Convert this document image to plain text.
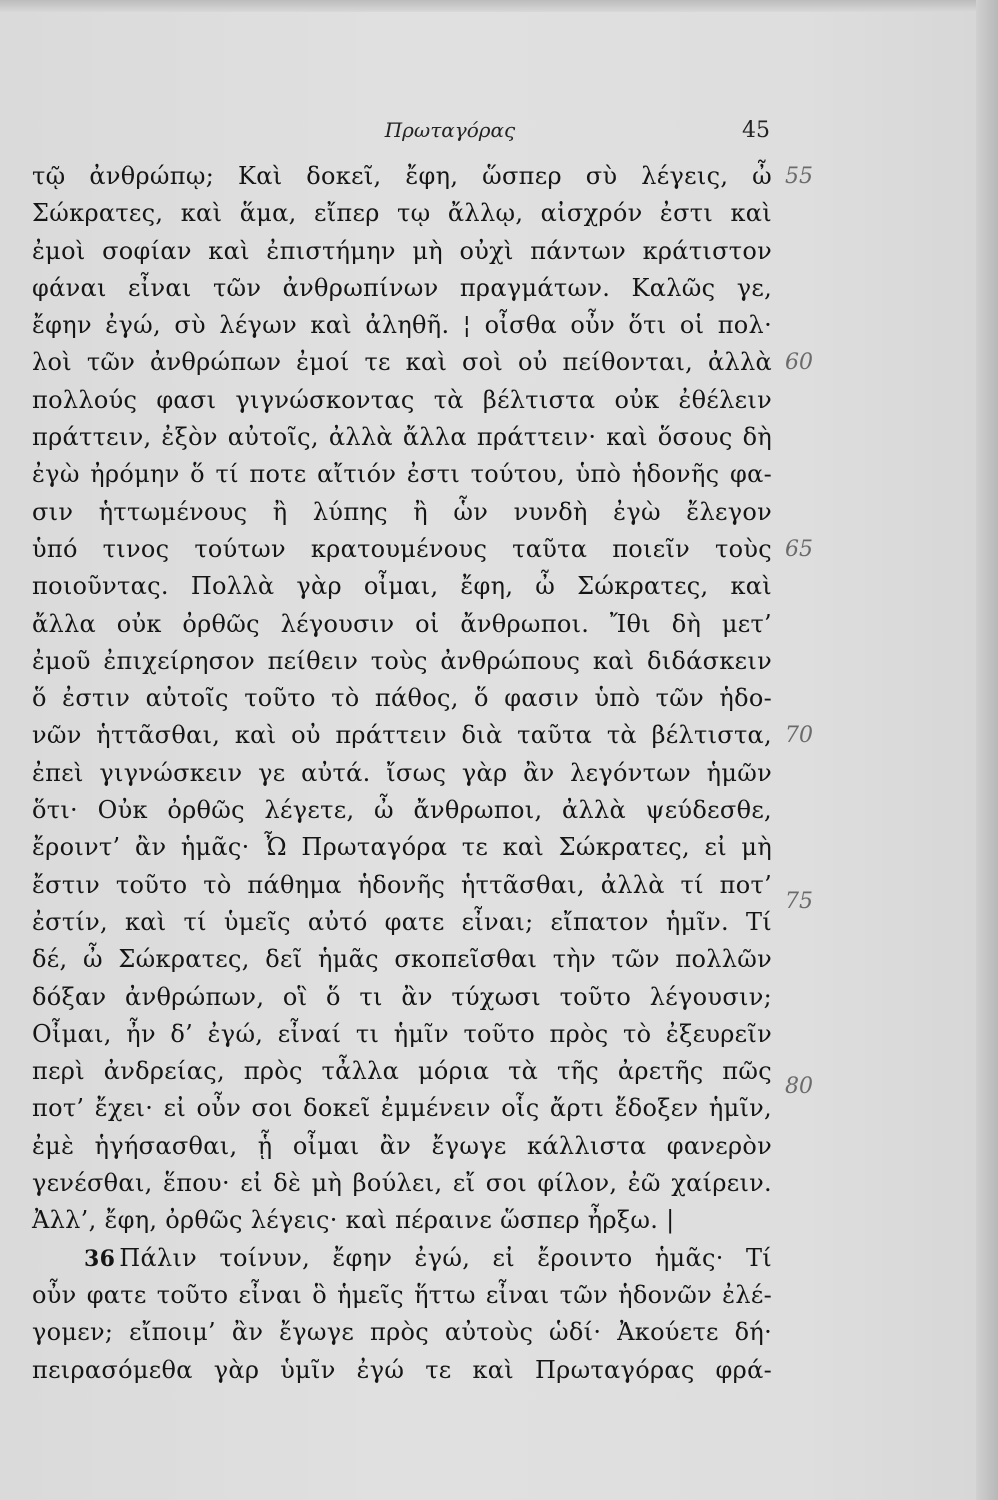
Πρωταγόρας	45
τῷ ἀνθρώπῳ; Καὶ δοκεῖ, ἔφη, ὥσπερ σὺ λέγεις, ὦ
Σώκρατες, καὶ ἅμα, εἴπερ τῳ ἄλλῳ, αἰσχρόν ἐστι καὶ
ἐμοὶ σοφίαν καὶ ἐπιστήμην μὴ οὐχὶ πάντων κράτιστον
φάναι εἶναι τῶν ἀνθρωπίνων πραγμάτων. Καλῶς γε,
ἔφην ἐγώ, σὺ λέγων καὶ ἀληθῆ. ¦ οἶσθα οὖν ὅτι οἱ πολ·
λοὶ τῶν ἀνθρώπων ἐμοί τε καὶ σοὶ οὐ πείθονται, ἀλλὰ
πολλούς φασι γιγνώσκοντας τὰ βέλτιστα οὐκ ἐθέλειν
πράττειν, ἐξὸν αὐτοῖς, ἀλλὰ ἄλλα πράττειν· καὶ ὅσους δὴ
ἐγὼ ἠρόμην ὅ τί ποτε αἴτιόν ἐστι τούτου, ὑπὸ ἡδονῆς φα-
σιν ἡττωμένους ἢ λύπης ἢ ὧν νυνδὴ ἐγὼ ἔλεγον
ὑπό τινος τούτων κρατουμένους ταῦτα ποιεῖν τοὺς
ποιοῦντας. Πολλὰ γὰρ οἶμαι, ἔφη, ὦ Σώκρατες, καὶ
ἄλλα οὐκ ὀρθῶς λέγουσιν οἱ ἄνθρωποι. Ἴθι δὴ μετ’
ἐμοῦ ἐπιχείρησον πείθειν τοὺς ἀνθρώπους καὶ διδάσκειν
ὅ ἐστιν αὐτοῖς τοῦτο τὸ πάθος, ὅ φασιν ὑπὸ τῶν ἡδο-
νῶν ἡττᾶσθαι, καὶ οὐ πράττειν διὰ ταῦτα τὰ βέλτιστα,
ἐπεὶ γιγνώσκειν γε αὐτά. ἴσως γὰρ ἂν λεγόντων ἡμῶν
ὅτι· Οὐκ ὀρθῶς λέγετε, ὦ ἄνθρωποι, ἀλλὰ ψεύδεσθε,
ἔροιντ’ ἂν ἡμᾶς· Ὦ Πρωταγόρα τε καὶ Σώκρατες, εἰ μὴ
ἔστιν τοῦτο τὸ πάθημα ἡδονῆς ἡττᾶσθαι, ἀλλὰ τί ποτ’
ἐστίν, καὶ τί ὑμεῖς αὐτό φατε εἶναι; εἴπατον ἡμῖν. Τί
δέ, ὦ Σώκρατες, δεῖ ἡμᾶς σκοπεῖσθαι τὴν τῶν πολλῶν
δόξαν ἀνθρώπων, οἳ ὅ τι ἂν τύχωσι τοῦτο λέγουσιν;
Οἶμαι, ἦν δ’ ἐγώ, εἶναί τι ἡμῖν τοῦτο πρὸς τὸ ἐξευρεῖν
περὶ ἀνδρείας, πρὸς τἆλλα μόρια τὰ τῆς ἀρετῆς πῶς
ποτ’ ἔχει· εἰ οὖν σοι δοκεῖ ἐμμένειν οἷς ἄρτι ἔδοξεν ἡμῖν,
ἐμὲ ἡγήσασθαι, ᾗ οἶμαι ἂν ἔγωγε κάλλιστα φανερὸν
γενέσθαι, ἕπου· εἰ δὲ μὴ βούλει, εἴ σοι φίλον, ἐῶ χαίρειν.
Ἀλλ’, ἔφη, ὀρθῶς λέγεις· καὶ πέραινε ὥσπερ ἦρξω. |
36 Πάλιν τοίνυν, ἔφην ἐγώ, εἰ ἔροιντο ἡμᾶς· Τί
οὖν φατε τοῦτο εἶναι ὃ ἡμεῖς ἥττω εἶναι τῶν ἡδονῶν ἐλέ-
γομεν; εἴποιμ’ ἂν ἔγωγε πρὸς αὐτοὺς ὡδί· Ἀκούετε δή·
πειρασόμεθα γὰρ ὑμῖν ἐγώ τε καὶ Πρωταγόρας φρά-
55
60
65
70
75
80
